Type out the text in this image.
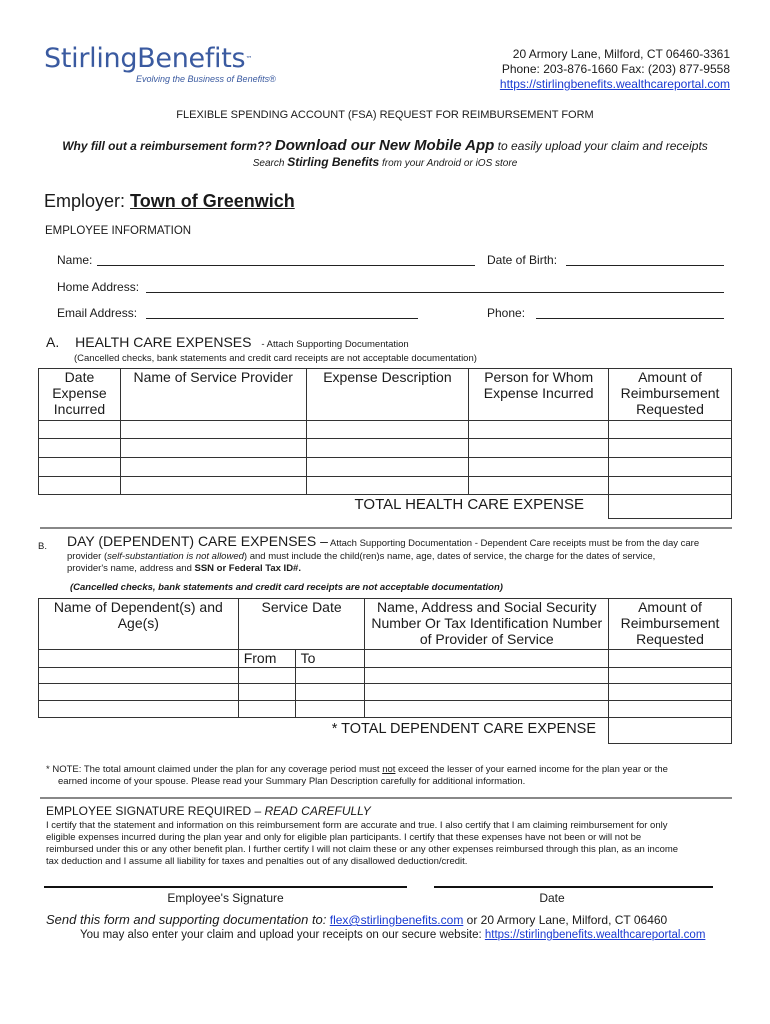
StirlingBenefits™
Evolving the Business of Benefits®
20 Armory Lane, Milford, CT 06460-3361
Phone: 203-876-1660 Fax: (203) 877-9558
https://stirlingbenefits.wealthcareportal.com
FLEXIBLE SPENDING ACCOUNT (FSA) REQUEST FOR REIMBURSEMENT FORM
Why fill out a reimbursement form?? Download our New Mobile App to easily upload your claim and receipts
Search Stirling Benefits from your Android or iOS store
Employer: Town of Greenwich
EMPLOYEE INFORMATION
Name:	Date of Birth:
Home Address:
Email Address:	Phone:
A. HEALTH CARE EXPENSES - Attach Supporting Documentation
(Cancelled checks, bank statements and credit card receipts are not acceptable documentation)
Date Expense Incurred	Name of Service Provider	Expense Description	Person for Whom Expense Incurred	Amount of Reimbursement Requested

TOTAL HEALTH CARE EXPENSE				
B. DAY (DEPENDENT) CARE EXPENSES – Attach Supporting Documentation - Dependent Care receipts must be from the day care
provider (self-substantiation is not allowed) and must include the child(ren)s name, age, dates of service, the charge for the dates of service,
provider's name, address and SSN or Federal Tax ID#.
(Cancelled checks, bank statements and credit card receipts are not acceptable documentation)
Name of Dependent(s) and Age(s)	Service Date		Name, Address and Social Security Number Or Tax Identification Number of Provider of Service	Amount of Reimbursement Requested
	From	To		

* TOTAL DEPENDENT CARE EXPENSE				
* NOTE: The total amount claimed under the plan for any coverage period must not exceed the lesser of your earned income for the plan year or the
earned income of your spouse. Please read your Summary Plan Description carefully for additional information.
EMPLOYEE SIGNATURE REQUIRED – READ CAREFULLY
I certify that the statement and information on this reimbursement form are accurate and true. I also certify that I am claiming reimbursement for only
eligible expenses incurred during the plan year and only for eligible plan participants. I certify that these expenses have not been or will not be
reimbursed under this or any other benefit plan. I further certify I will not claim these or any other expenses reimbursed through this plan, as an income
tax deduction and I assume all liability for taxes and penalties out of any disallowed deduction/credit.
Employee's Signature	Date
Send this form and supporting documentation to: flex@stirlingbenefits.com or 20 Armory Lane, Milford, CT 06460
You may also enter your claim and upload your receipts on our secure website: https://stirlingbenefits.wealthcareportal.com
